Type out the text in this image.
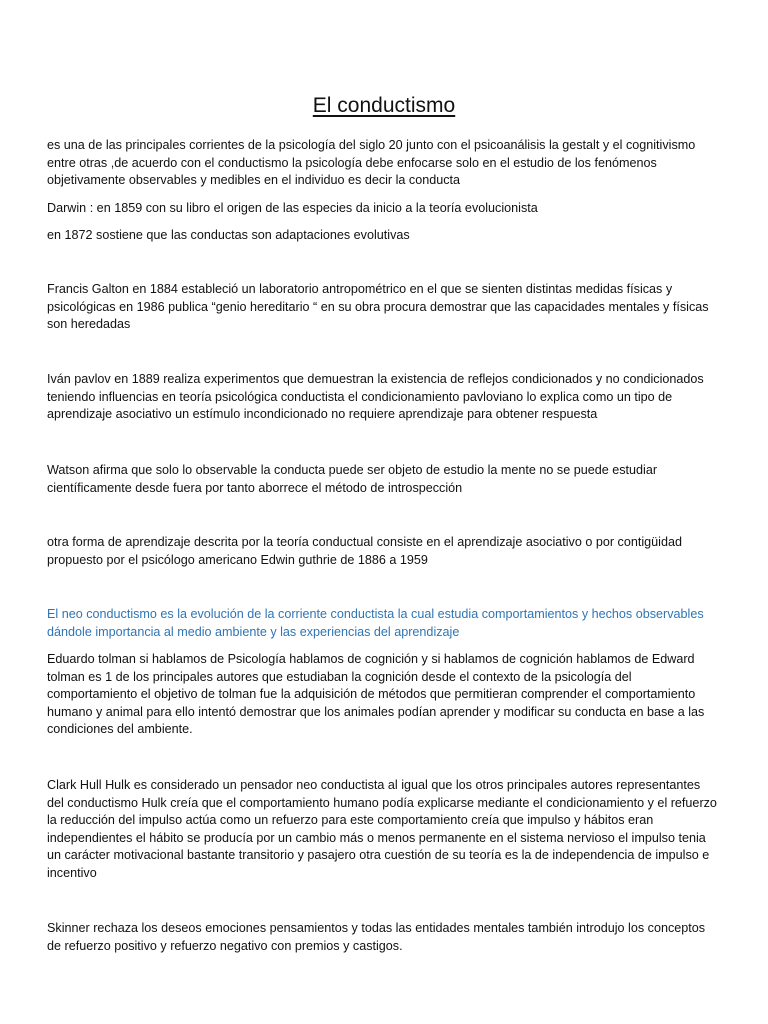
El conductismo

es una de las principales corrientes de la psicología del siglo 20 junto con el psicoanálisis la gestalt y el cognitivismo entre otras ,de acuerdo con el conductismo la psicología debe enfocarse solo en el estudio de los fenómenos objetivamente observables y medibles en el individuo es decir la conducta

Darwin : en 1859 con su libro el origen de las especies da inicio a la teoría evolucionista

en 1872 sostiene que las conductas son adaptaciones evolutivas

Francis Galton en 1884 estableció un laboratorio antropométrico en el que se sienten distintas medidas físicas y psicológicas en 1986 publica “genio hereditario “ en su obra procura demostrar que las capacidades mentales y físicas son heredadas

Iván pavlov en 1889 realiza experimentos que demuestran la existencia de reflejos condicionados y no condicionados teniendo influencias en teoría psicológica conductista el condicionamiento pavloviano lo explica como un tipo de aprendizaje asociativo un estímulo incondicionado no requiere aprendizaje para obtener respuesta

Watson afirma que solo lo observable la conducta puede ser objeto de estudio la mente no se puede estudiar científicamente desde fuera por tanto aborrece el método de introspección

otra forma de aprendizaje descrita por la teoría conductual consiste en el aprendizaje asociativo o por contigüidad propuesto por el psicólogo americano Edwin guthrie de 1886 a 1959

El neo conductismo es la evolución de la corriente conductista la cual estudia comportamientos y hechos observables dándole importancia al medio ambiente y las experiencias del aprendizaje

Eduardo tolman si hablamos de Psicología hablamos de cognición y si hablamos de cognición hablamos de Edward tolman es 1 de los principales autores que estudiaban la cognición desde el contexto de la psicología del comportamiento el objetivo de tolman fue la adquisición de métodos que permitieran comprender el comportamiento humano y animal para ello intentó demostrar que los animales podían aprender y modificar su conducta en base a las condiciones del ambiente.

Clark Hull Hulk es considerado un pensador neo conductista al igual que los otros principales autores representantes del conductismo Hulk creía que el comportamiento humano podía explicarse mediante el condicionamiento y el refuerzo la reducción del impulso actúa como un refuerzo para este comportamiento creía que impulso y hábitos eran independientes el hábito se producía por un cambio más o menos permanente en el sistema nervioso el impulso tenia un carácter motivacional bastante transitorio y pasajero otra cuestión de su teoría es la de independencia de impulso e incentivo

Skinner rechaza los deseos emociones pensamientos y todas las entidades mentales también introdujo los conceptos de refuerzo positivo y refuerzo negativo con premios y castigos.
